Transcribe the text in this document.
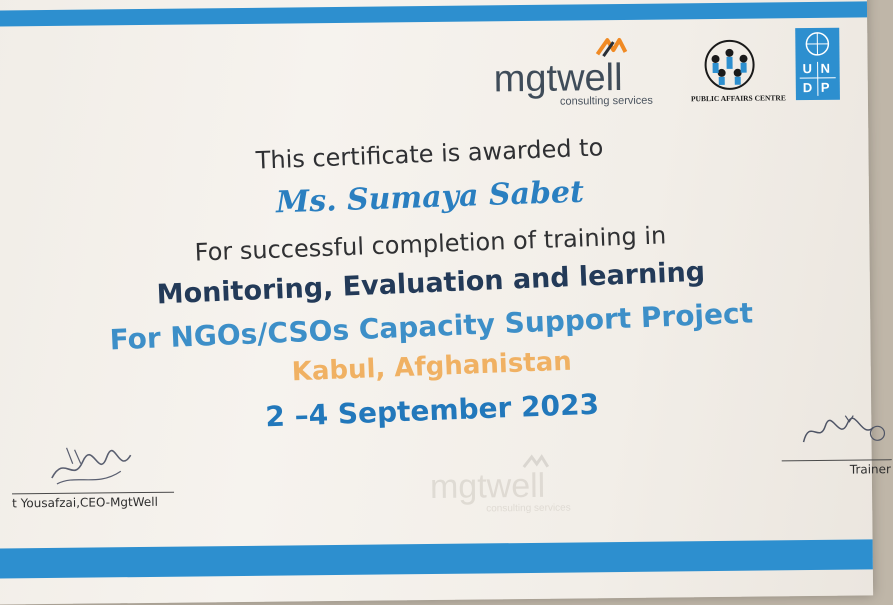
mgtwell
consulting services	PUBLIC AFFAIRS CENTRE
U N
D P
This certificate is awarded to
Ms. Sumaya Sabet
For successful completion of training in
Monitoring, Evaluation and learning
For NGOs/CSOs Capacity Support Project
Kabul, Afghanistan
2 –4 September 2023
t Yousafzai,CEO-MgtWell
Trainer
mgtwell
consulting services
